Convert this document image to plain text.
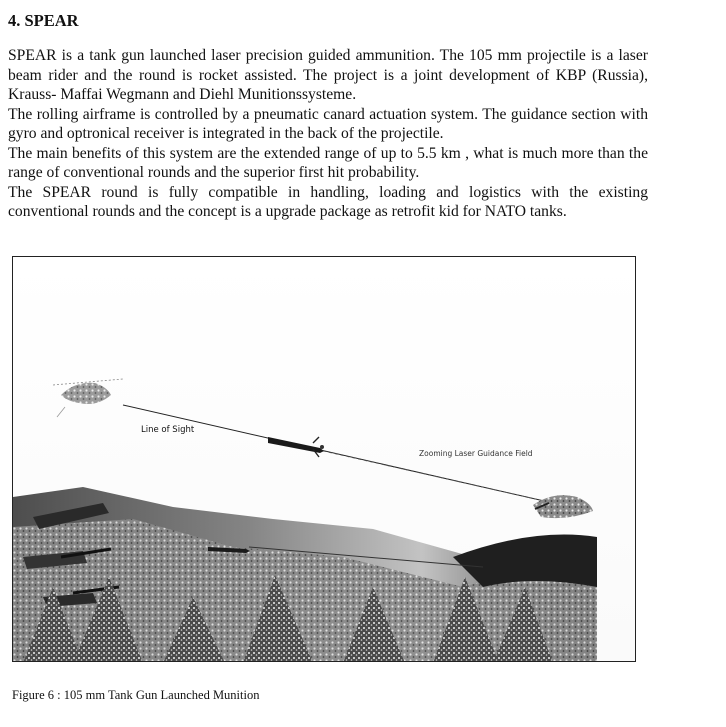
4. SPEAR

SPEAR is a tank gun launched laser precision guided ammunition. The 105 mm projectile is a laser beam rider and the round is rocket assisted. The project is a joint development of KBP (Russia), Krauss- Maffai Wegmann and Diehl Munitionssysteme.

The rolling airframe is controlled by a pneumatic canard actuation system. The guidance section with gyro and optronical receiver is integrated in the back of the projectile.

The main benefits of this system are the extended range of up to 5.5 km , what is much more than the range of conventional rounds and the superior first hit probability.

The SPEAR round is fully compatible in handling, loading and logistics with the existing conventional rounds and the concept is a upgrade package as retrofit kid for NATO tanks.

Line of Sight
Zooming Laser Guidance Field
Figure 6 : 105 mm Tank Gun Launched Munition
